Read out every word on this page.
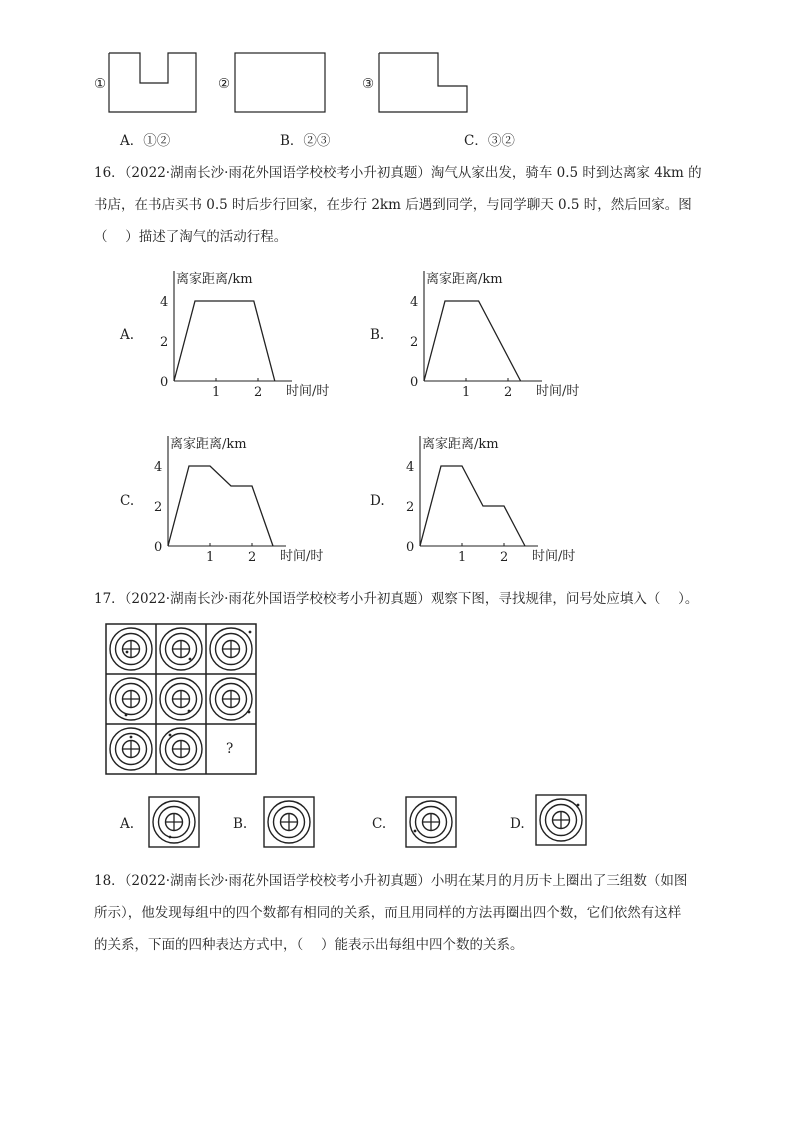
①	②	③
A．①②	B．②③	C．③②
16．（2022·湖南长沙·雨花外国语学校校考小升初真题）淘气从家出发，骑车 0.5 时到达离家 4km 的
书店，在书店买书 0.5 时后步行回家，在步行 2km 后遇到同学，与同学聊天 0.5 时，然后回家。图
（　 ）描述了淘气的活动行程。
A.
离家距离/km
时间/时
0
2
4
1	2
B.
离家距离/km
时间/时
0
2
4
1	2
C.
离家距离/km
时间/时
0
2
4
1	2
D.
离家距离/km
时间/时
0
2
4
1	2
17．（2022·湖南长沙·雨花外国语学校校考小升初真题）观察下图，寻找规律，问号处应填入（　 ）。
?
A.	B.	C.	D.
18．（2022·湖南长沙·雨花外国语学校校考小升初真题）小明在某月的月历卡上圈出了三组数（如图
所示），他发现每组中的四个数都有相同的关系，而且用同样的方法再圈出四个数，它们依然有这样
的关系，下面的四种表达方式中，（　 ）能表示出每组中四个数的关系。
